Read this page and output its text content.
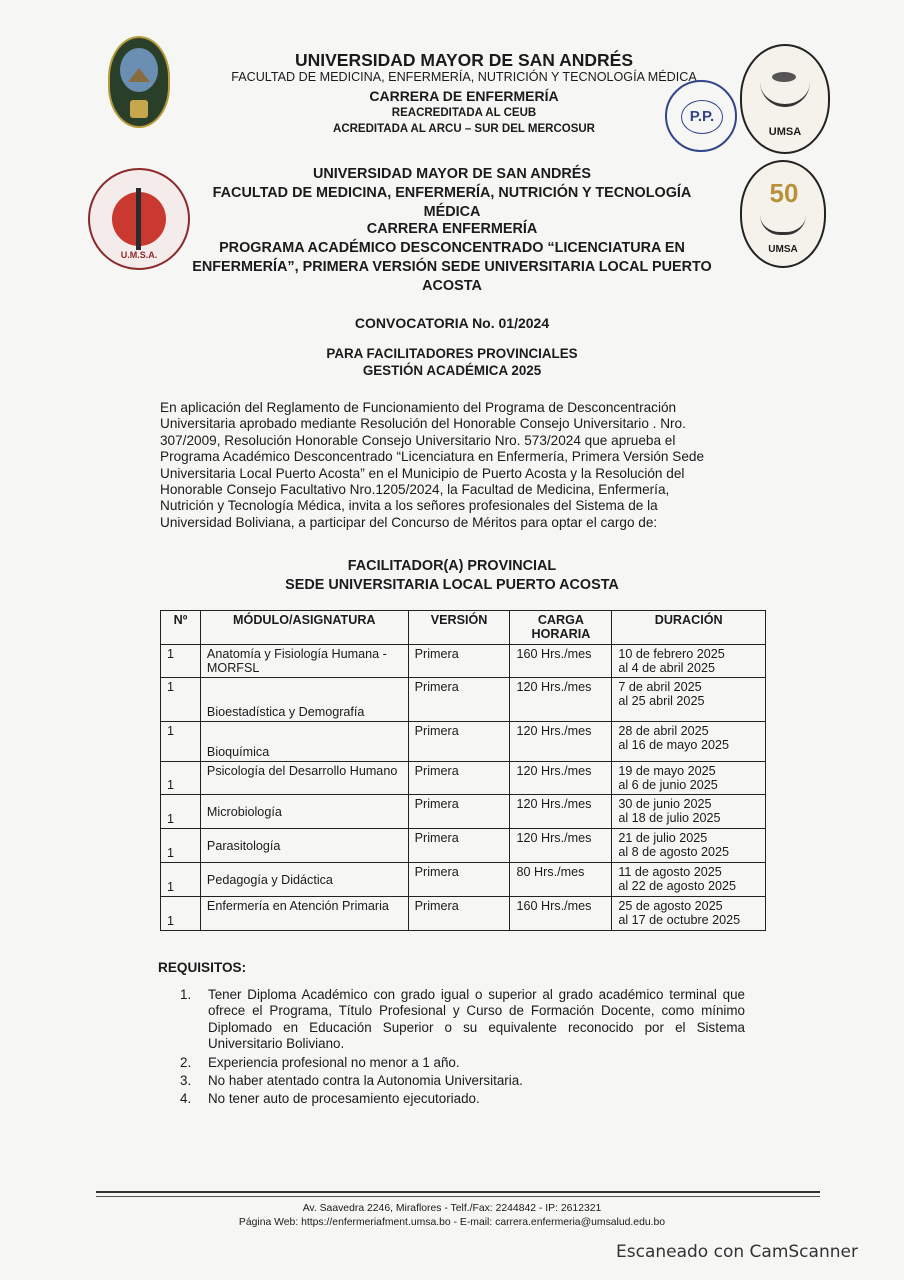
UNIVERSIDAD MAYOR DE SAN ANDRÉS
FACULTAD DE MEDICINA, ENFERMERÍA, NUTRICIÓN Y TECNOLOGÍA MÉDICA
CARRERA DE ENFERMERÍA
REACREDITADA AL CEUB
ACREDITADA AL ARCU – SUR DEL MERCOSUR
P.P.
UMSA
U.M.S.A.
50
UMSA
UNIVERSIDAD MAYOR DE SAN ANDRÉS
FACULTAD DE MEDICINA, ENFERMERÍA, NUTRICIÓN Y TECNOLOGÍA
MÉDICA
CARRERA ENFERMERÍA
PROGRAMA ACADÉMICO DESCONCENTRADO “LICENCIATURA EN
ENFERMERÍA”, PRIMERA VERSIÓN SEDE UNIVERSITARIA LOCAL PUERTO
ACOSTA
CONVOCATORIA No. 01/2024
PARA FACILITADORES PROVINCIALES
GESTIÓN ACADÉMICA 2025
En aplicación del Reglamento de Funcionamiento del Programa de Desconcentración
Universitaria aprobado mediante Resolución del Honorable Consejo Universitario . Nro.
307/2009, Resolución Honorable Consejo Universitario Nro. 573/2024 que aprueba el
Programa Académico Desconcentrado “Licenciatura en Enfermería, Primera Versión Sede
Universitaria Local Puerto Acosta” en el Municipio de Puerto Acosta y la Resolución del
Honorable Consejo Facultativo Nro.1205/2024, la Facultad de Medicina, Enfermería,
Nutrición y Tecnología Médica, invita a los señores profesionales del Sistema de la
Universidad Boliviana, a participar del Concurso de Méritos para optar el cargo de:
FACILITADOR(A) PROVINCIAL
SEDE UNIVERSITARIA LOCAL PUERTO ACOSTA
Nº	MÓDULO/ASIGNATURA	VERSIÓN	CARGA HORARIA	DURACIÓN
1	Anatomía y Fisiología Humana - MORFSL	Primera	160 Hrs./mes	10 de febrero 2025
al 4 de abril 2025
1	Bioestadística y Demografía	Primera	120 Hrs./mes	7 de abril 2025
al 25 abril 2025
1	Bioquímica	Primera	120 Hrs./mes	28 de abril 2025
al 16 de mayo 2025
1	Psicología del Desarrollo Humano	Primera	120 Hrs./mes	19 de mayo 2025
al 6 de junio 2025
1	Microbiología	Primera	120 Hrs./mes	30 de junio 2025
al 18 de julio 2025
1	Parasitología	Primera	120 Hrs./mes	21 de julio 2025
al 8 de agosto 2025
1	Pedagogía y Didáctica	Primera	80 Hrs./mes	11 de agosto 2025
al 22 de agosto 2025
1	Enfermería en Atención Primaria	Primera	160 Hrs./mes	25 de agosto 2025
al 17 de octubre 2025
REQUISITOS:
1.	Tener Diploma Académico con grado igual o superior al grado académico terminal que ofrece el Programa, Título Profesional y Curso de Formación Docente, como mínimo Diplomado en Educación Superior o su equivalente reconocido por el Sistema Universitario Boliviano.
2.	Experiencia profesional no menor a 1 año.
3.	No haber atentado contra la Autonomia Universitaria.
4.	No tener auto de procesamiento ejecutoriado.
Av. Saavedra 2246, Miraflores - Telf./Fax: 2244842 - IP: 2612321
Página Web: https://enfermeriafment.umsa.bo - E-mail: carrera.enfermeria@umsalud.edu.bo
Escaneado con CamScanner
